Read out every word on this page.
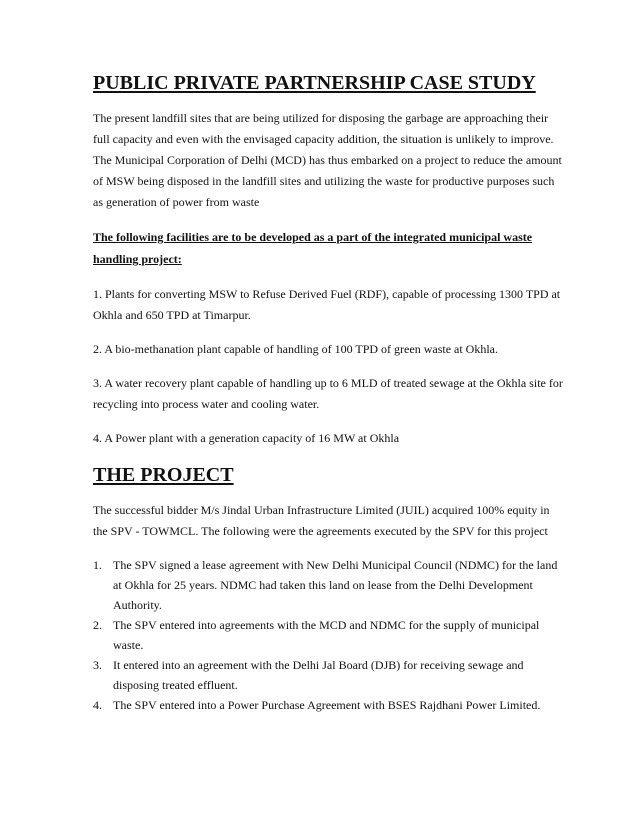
PUBLIC PRIVATE PARTNERSHIP CASE STUDY

The present landfill sites that are being utilized for disposing the garbage are approaching their full capacity and even with the envisaged capacity addition, the situation is unlikely to improve. The Municipal Corporation of Delhi (MCD) has thus embarked on a project to reduce the amount of MSW being disposed in the landfill sites and utilizing the waste for productive purposes such as generation of power from waste

The following facilities are to be developed as a part of the integrated municipal waste handling project:

1. Plants for converting MSW to Refuse Derived Fuel (RDF), capable of processing 1300 TPD at Okhla and 650 TPD at Timarpur.

2. A bio-methanation plant capable of handling of 100 TPD of green waste at Okhla.

3. A water recovery plant capable of handling up to 6 MLD of treated sewage at the Okhla site for recycling into process water and cooling water.

4. A Power plant with a generation capacity of 16 MW at Okhla

THE PROJECT

The successful bidder M/s Jindal Urban Infrastructure Limited (JUIL) acquired 100% equity in the SPV - TOWMCL. The following were the agreements executed by the SPV for this project

1. The SPV signed a lease agreement with New Delhi Municipal Council (NDMC) for the land at Okhla for 25 years. NDMC had taken this land on lease from the Delhi Development Authority.
2. The SPV entered into agreements with the MCD and NDMC for the supply of municipal waste.
3. It entered into an agreement with the Delhi Jal Board (DJB) for receiving sewage and disposing treated effluent.
4. The SPV entered into a Power Purchase Agreement with BSES Rajdhani Power Limited.
